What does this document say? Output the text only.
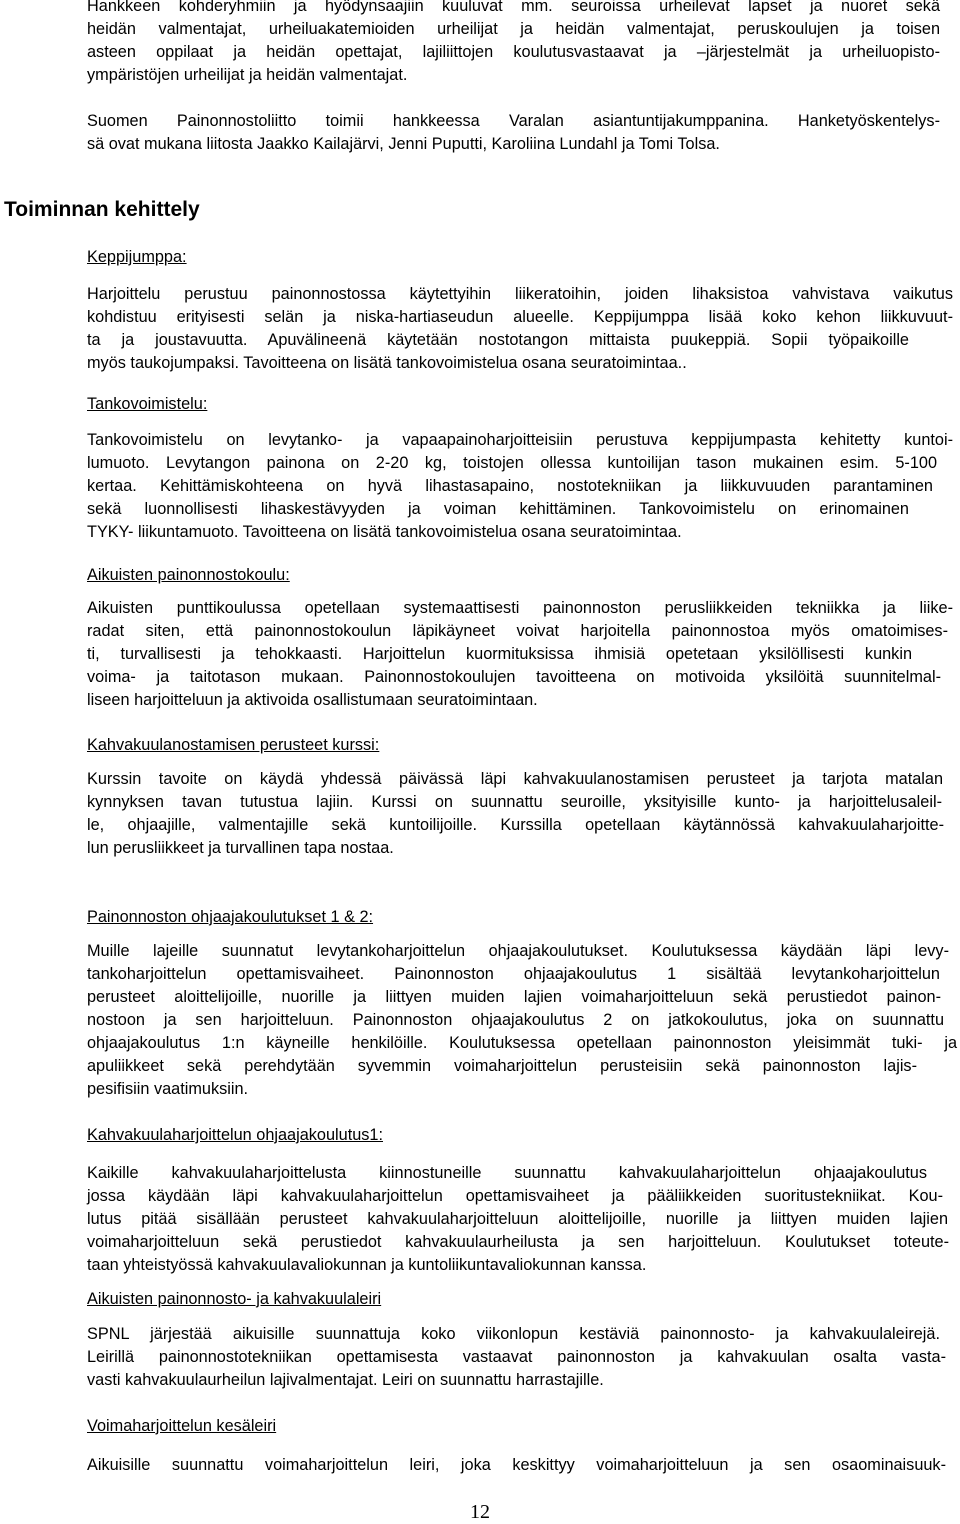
Hankkeen kohderyhmiin ja hyödynsaajiin kuuluvat mm. seuroissa urheilevat lapset ja nuoret sekä
heidän valmentajat, urheiluakatemioiden urheilijat ja heidän valmentajat, peruskoulujen ja toisen
asteen oppilaat ja heidän opettajat, lajiliittojen koulutusvastaavat ja –järjestelmät ja urheiluopisto-
ympäristöjen urheilijat ja heidän valmentajat.
Suomen Painonnostoliitto toimii hankkeessa Varalan asiantuntijakumppanina. Hanketyöskentelys-
sä ovat mukana liitosta Jaakko Kailajärvi, Jenni Puputti, Karoliina Lundahl ja Tomi Tolsa.
Toiminnan kehittely
Keppijumppa:
Harjoittelu perustuu painonnostossa käytettyihin liikeratoihin, joiden lihaksistoa vahvistava vaikutus
kohdistuu erityisesti selän ja niska-hartiaseudun alueelle. Keppijumppa lisää koko kehon liikkuvuut-
ta ja joustavuutta. Apuvälineenä käytetään nostotangon mittaista puukeppiä. Sopii työpaikoille
myös taukojumpaksi. Tavoitteena on lisätä tankovoimistelua osana seuratoimintaa..
Tankovoimistelu:
Tankovoimistelu on levytanko- ja vapaapainoharjoitteisiin perustuva keppijumpasta kehitetty kuntoi-
lumuoto. Levytangon painona on 2-20 kg, toistojen ollessa kuntoilijan tason mukainen esim. 5-100
kertaa. Kehittämiskohteena on hyvä lihastasapaino, nostotekniikan ja liikkuvuuden parantaminen
sekä luonnollisesti lihaskestävyyden ja voiman kehittäminen. Tankovoimistelu on erinomainen
TYKY- liikuntamuoto. Tavoitteena on lisätä tankovoimistelua osana seuratoimintaa.
Aikuisten painonnostokoulu:
Aikuisten punttikoulussa opetellaan systemaattisesti painonnoston perusliikkeiden tekniikka ja liike-
radat siten, että painonnostokoulun läpikäyneet voivat harjoitella painonnostoa myös omatoimises-
ti, turvallisesti ja tehokkaasti. Harjoittelun kuormituksissa ihmisiä opetetaan yksilöllisesti kunkin
voima- ja taitotason mukaan. Painonnostokoulujen tavoitteena on motivoida yksilöitä suunnitelmal-
liseen harjoitteluun ja aktivoida osallistumaan seuratoimintaan.
Kahvakuulanostamisen perusteet kurssi:
Kurssin tavoite on käydä yhdessä päivässä läpi kahvakuulanostamisen perusteet ja tarjota matalan
kynnyksen tavan tutustua lajiin. Kurssi on suunnattu seuroille, yksityisille kunto- ja harjoittelusaleil-
le, ohjaajille, valmentajille sekä kuntoilijoille. Kurssilla opetellaan käytännössä kahvakuulaharjoitte-
lun perusliikkeet ja turvallinen tapa nostaa.
Painonnoston ohjaajakoulutukset 1 & 2:
Muille lajeille suunnatut levytankoharjoittelun ohjaajakoulutukset. Koulutuksessa käydään läpi levy-
tankoharjoittelun opettamisvaiheet. Painonnoston ohjaajakoulutus 1 sisältää levytankoharjoittelun
perusteet aloittelijoille, nuorille ja liittyen muiden lajien voimaharjoitteluun sekä perustiedot painon-
nostoon ja sen harjoitteluun. Painonnoston ohjaajakoulutus 2 on jatkokoulutus, joka on suunnattu
ohjaajakoulutus 1:n käyneille henkilöille. Koulutuksessa opetellaan painonnoston yleisimmät tuki- ja
apuliikkeet sekä perehdytään syvemmin voimaharjoittelun perusteisiin sekä painonnoston lajis-
pesifisiin vaatimuksiin.
Kahvakuulaharjoittelun ohjaajakoulutus1:
Kaikille kahvakuulaharjoittelusta kiinnostuneille suunnattu kahvakuulaharjoittelun ohjaajakoulutus
jossa käydään läpi kahvakuulaharjoittelun opettamisvaiheet ja pääliikkeiden suoritustekniikat. Kou-
lutus pitää sisällään perusteet kahvakuulaharjoitteluun aloittelijoille, nuorille ja liittyen muiden lajien
voimaharjoitteluun sekä perustiedot kahvakuulaurheilusta ja sen harjoitteluun. Koulutukset toteute-
taan yhteistyössä kahvakuulavaliokunnan ja kuntoliikuntavaliokunnan kanssa.
Aikuisten painonnosto- ja kahvakuulaleiri
SPNL järjestää aikuisille suunnattuja koko viikonlopun kestäviä painonnosto- ja kahvakuulaleirejä.
Leirillä painonnostotekniikan opettamisesta vastaavat painonnoston ja kahvakuulan osalta vasta-
vasti kahvakuulaurheilun lajivalmentajat. Leiri on suunnattu harrastajille.
Voimaharjoittelun kesäleiri
Aikuisille suunnattu voimaharjoittelun leiri, joka keskittyy voimaharjoitteluun ja sen osaominaisuuk-
12
